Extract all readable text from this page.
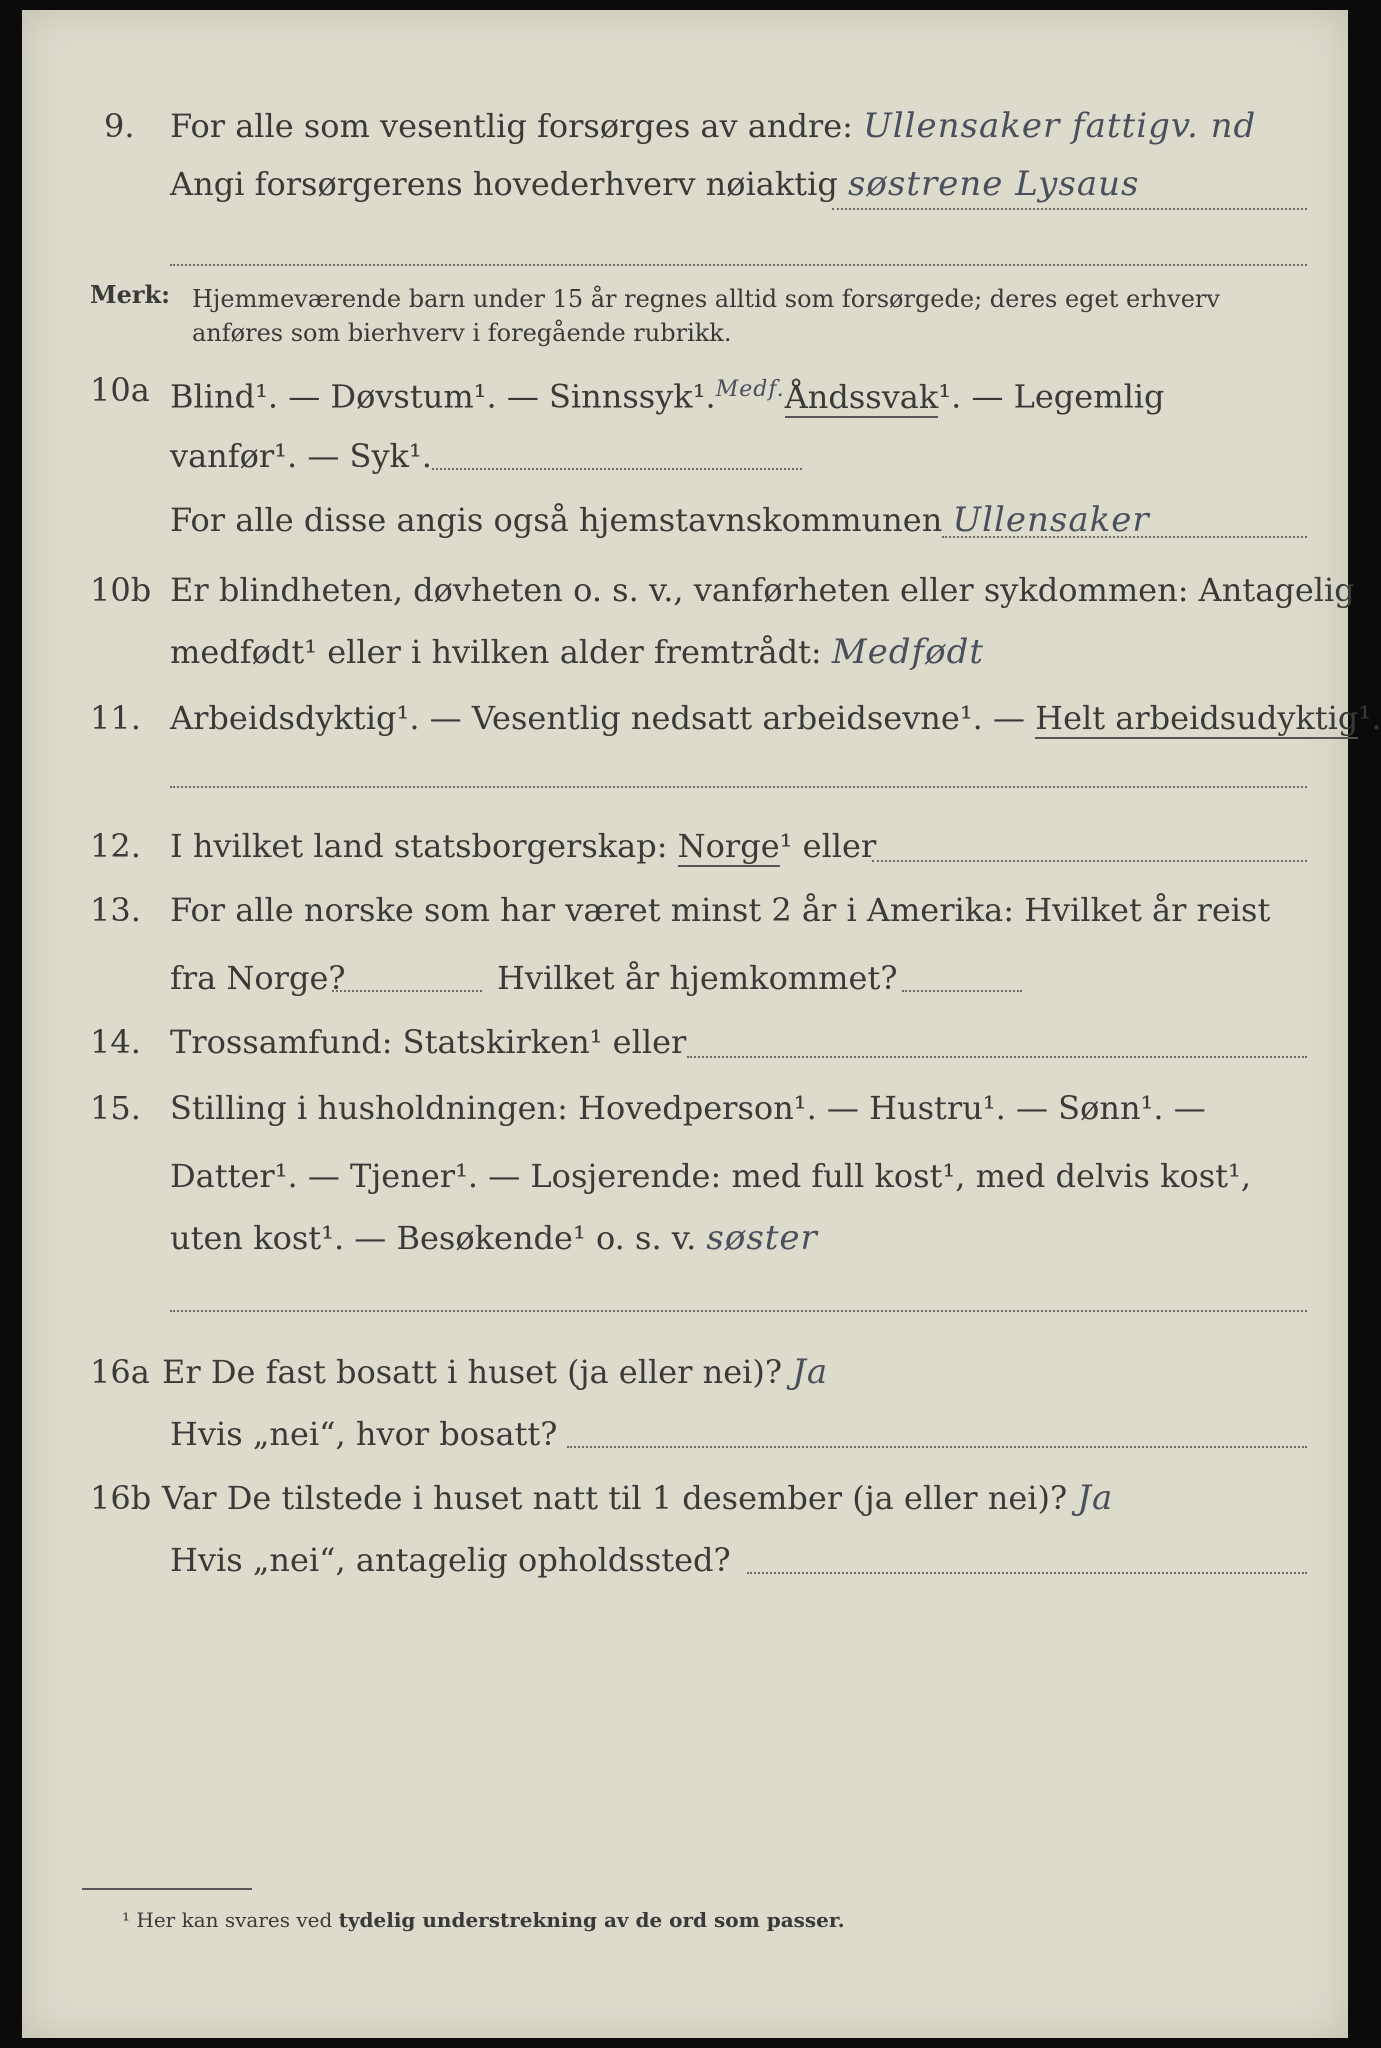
9. For alle som vesentlig forsørges av andre: Ullensaker fattigv. nd
Angi forsørgerens hovederhverv nøiaktig søstrene Lysaus
Merk: Hjemmeværende barn under 15 år regnes alltid som forsørgede; deres eget erhverv
anføres som bierhverv i foregående rubrikk.
10a Blind¹. — Døvstum¹. — Sinnssyk¹.$^{Medf.}$Åndssvak¹. — Legemlig
vanfør¹. — Syk¹.
For alle disse angis også hjemstavnskommunen Ullensaker
10b Er blindheten, døvheten o. s. v., vanførheten eller sykdommen: Antagelig
medfødt¹ eller i hvilken alder fremtrådt: Medfødt
11. Arbeidsdyktig¹. — Vesentlig nedsatt arbeidsevne¹. — Helt arbeidsudyktig¹.
12. I hvilket land statsborgerskap: Norge¹ eller
13. For alle norske som har været minst 2 år i Amerika: Hvilket år reist
fra Norge?	Hvilket år hjemkommet?
14. Trossamfund: Statskirken¹ eller
15. Stilling i husholdningen: Hovedperson¹. — Hustru¹. — Sønn¹. —
Datter¹. — Tjener¹. — Losjerende: med full kost¹, med delvis kost¹,
uten kost¹. — Besøkende¹ o. s. v. søster
16a Er De fast bosatt i huset (ja eller nei)? Ja
Hvis „nei“, hvor bosatt?
16b Var De tilstede i huset natt til 1 desember (ja eller nei)? Ja
Hvis „nei“, antagelig opholdssted?
¹ Her kan svares ved tydelig understrekning av de ord som passer.
